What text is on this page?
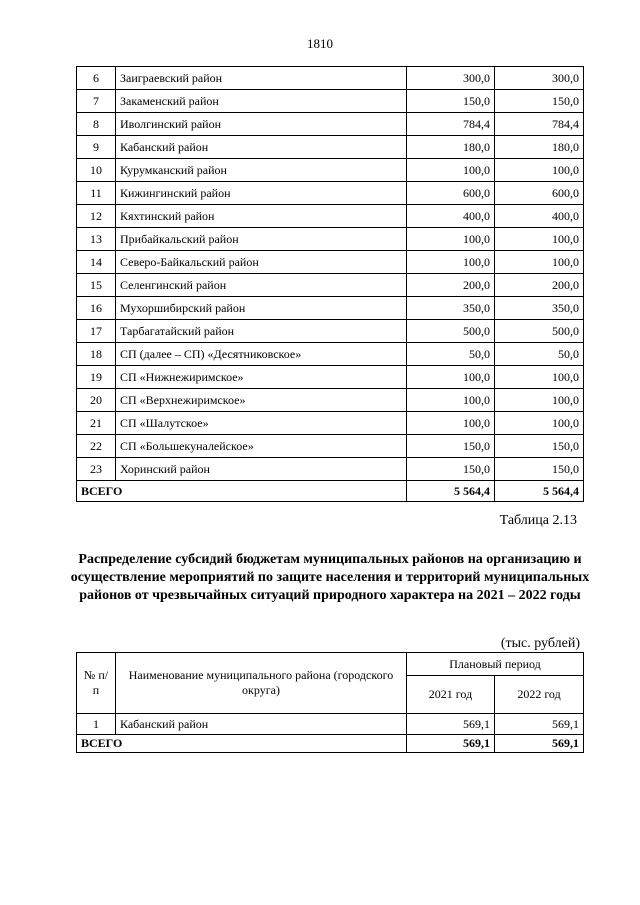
1810
6	Заиграевский район	300,0	300,0
7	Закаменский район	150,0	150,0
8	Иволгинский район	784,4	784,4
9	Кабанский район	180,0	180,0
10	Курумканский район	100,0	100,0
11	Кижингинский район	600,0	600,0
12	Кяхтинский район	400,0	400,0
13	Прибайкальский район	100,0	100,0
14	Северо-Байкальский район	100,0	100,0
15	Селенгинский район	200,0	200,0
16	Мухоршибирский район	350,0	350,0
17	Тарбагатайский район	500,0	500,0
18	СП (далее – СП) «Десятниковское»	50,0	50,0
19	СП «Нижнежиримское»	100,0	100,0
20	СП «Верхнежиримское»	100,0	100,0
21	СП «Шалутское»	100,0	100,0
22	СП «Большекуналейское»	150,0	150,0
23	Хоринский район	150,0	150,0
ВСЕГО		5 564,4	5 564,4
Таблица 2.13
Распределение субсидий бюджетам муниципальных районов на организацию и осуществление мероприятий по защите населения и территорий муниципальных районов от чрезвычайных ситуаций природного характера на 2021 – 2022 годы
(тыс. рублей)
№ п/п	Наименование муниципального района (городского округа)	Плановый период	
		2021 год	2022 год
1	Кабанский район	569,1	569,1
ВСЕГО		569,1	569,1
